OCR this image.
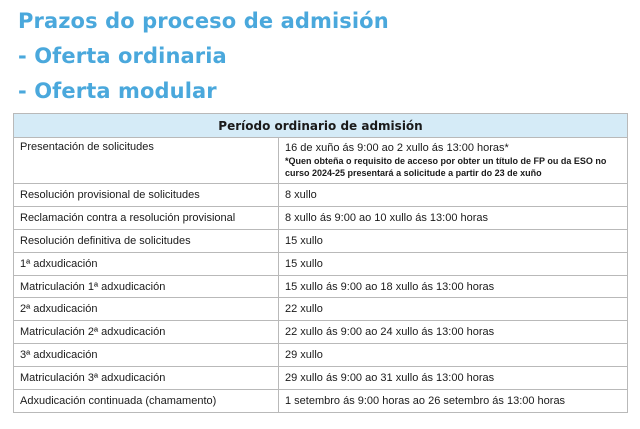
Prazos do proceso de admisión
- Oferta ordinaria
- Oferta modular
Período ordinario de admisión	
Presentación de solicitudes	16 de xuño ás 9:00 ao 2 xullo ás 13:00 horas*
*Quen obteña o requisito de acceso por obter un título de FP ou da ESO no curso 2024-25 presentará a solicitude a partir do 23 de xuño

Resolución provisional de solicitudes	8 xullo
Reclamación contra a resolución provisional	8 xullo ás 9:00 ao 10 xullo ás 13:00 horas
Resolución definitiva de solicitudes	15 xullo
1ª adxudicación	15 xullo
Matriculación 1ª adxudicación	15 xullo ás 9:00 ao 18 xullo ás 13:00 horas
2ª adxudicación	22 xullo
Matriculación 2ª adxudicación	22 xullo ás 9:00 ao 24 xullo ás 13:00 horas
3ª adxudicación	29 xullo
Matriculación 3ª adxudicación	29 xullo ás 9:00 ao 31 xullo ás 13:00 horas
Adxudicación continuada (chamamento)	1 setembro ás 9:00 horas ao 26 setembro ás 13:00 horas
